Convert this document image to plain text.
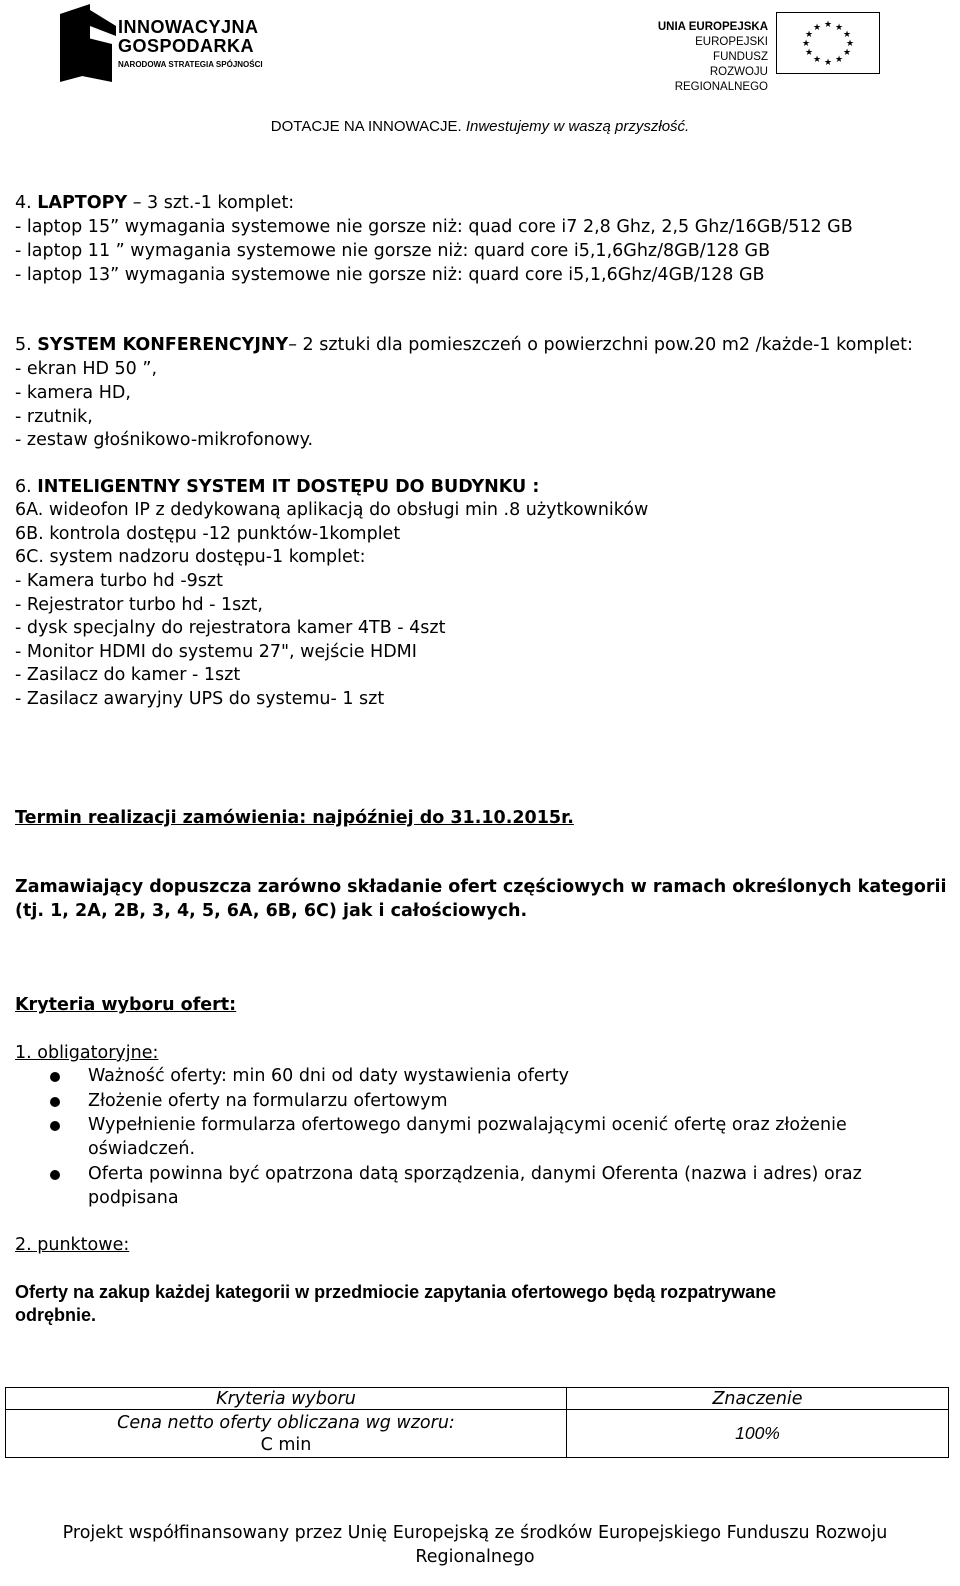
INNOWACYJNA
GOSPODARKA
NARODOWA STRATEGIA SPÓJNOŚCI
UNIA EUROPEJSKA
EUROPEJSKI FUNDUSZ
ROZWOJU REGIONALNEGO
★ ★
★
★
★
★
★
★
★
★
★
★
DOTACJE NA INNOWACJE. Inwestujemy w waszą przyszłość.
4. LAPTOPY – 3 szt.-1 komplet:
- laptop 15” wymagania systemowe nie gorsze niż: quad core i7 2,8 Ghz, 2,5 Ghz/16GB/512 GB
- laptop 11 ” wymagania systemowe nie gorsze niż: quard core i5,1,6Ghz/8GB/128 GB
- laptop 13” wymagania systemowe nie gorsze niż: quard core i5,1,6Ghz/4GB/128 GB
5. SYSTEM KONFERENCYJNY– 2 sztuki dla pomieszczeń o powierzchni pow.20 m2 /każde-1 komplet:
- ekran HD 50 ”,
- kamera HD,
- rzutnik,
- zestaw głośnikowo-mikrofonowy.
6. INTELIGENTNY SYSTEM IT DOSTĘPU DO BUDYNKU :
6A. wideofon IP z dedykowaną aplikacją do obsługi min .8 użytkowników
6B. kontrola dostępu -12 punktów-1komplet
6C. system nadzoru dostępu-1 komplet:
- Kamera turbo hd -9szt
- Rejestrator turbo hd - 1szt,
- dysk specjalny do rejestratora kamer 4TB - 4szt
- Monitor HDMI do systemu 27", wejście HDMI
- Zasilacz do kamer - 1szt
- Zasilacz awaryjny UPS do systemu- 1 szt
Termin realizacji zamówienia: najpóźniej do 31.10.2015r.
Zamawiający dopuszcza zarówno składanie ofert częściowych w ramach określonych kategorii
(tj. 1, 2A, 2B, 3, 4, 5, 6A, 6B, 6C) jak i całościowych.
Kryteria wyboru ofert:
1. obligatoryjne:
Ważność oferty: min 60 dni od daty wystawienia oferty
Złożenie oferty na formularzu ofertowym
Wypełnienie formularza ofertowego danymi pozwalającymi ocenić ofertę oraz złożenie
oświadczeń.
Oferta powinna być opatrzona datą sporządzenia, danymi Oferenta (nazwa i adres) oraz
podpisana
2. punktowe:
Oferty na zakup każdej kategorii w przedmiocie zapytania ofertowego będą rozpatrywane
odrębnie.
Kryteria wyboru	Znaczenie

Cena netto oferty obliczana wg wzoru:
C min	100%
Projekt współfinansowany przez Unię Europejską ze środków Europejskiego Funduszu Rozwoju
Regionalnego
